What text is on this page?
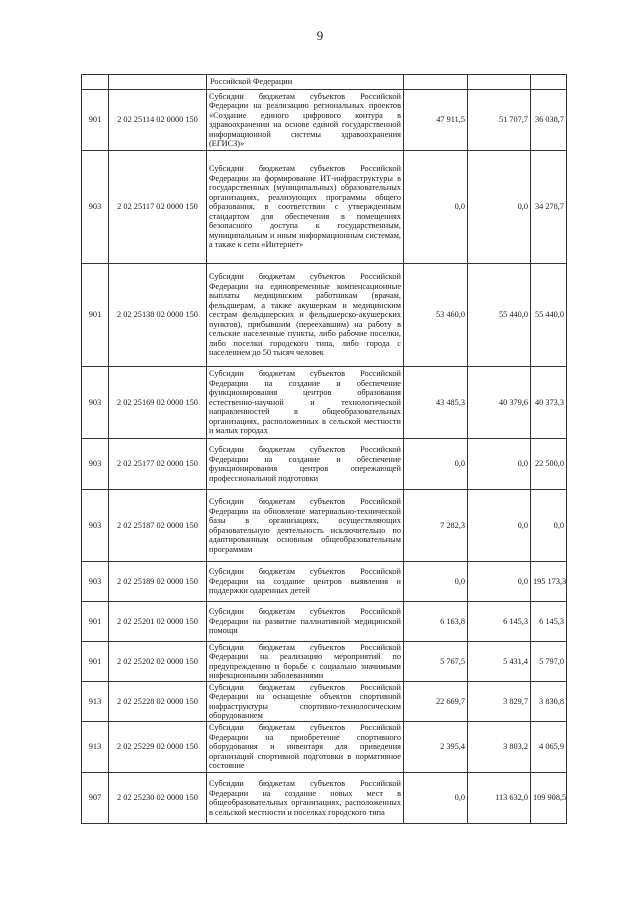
9
		Российской Федерации			
901	2 02 25114 02 0000 150	Субсидии бюджетам субъектов Российской Федерации на реализацию региональных проектов «Создание единого цифрового контура в здравоохранении на основе единой государственной информационной системы здравоохранения (ЕГИСЗ)»	47 911,5	51 707,7	36 038,7
903	2 02 25117 02 0000 150	Субсидии бюджетам субъектов Российской Федерации на формирование ИТ-инфраструктуры в государственных (муниципальных) образовательных организациях, реализующих программы общего образования, в соответствии с утвержденным стандартом для обеспечения в помещениях безопасного доступа к государственным, муниципальным и иным информационным системам, а также к сети «Интернет»	0,0	0,0	34 278,7
901	2 02 25138 02 0000 150	Субсидии бюджетам субъектов Российской Федерации на единовременные компенсационные выплаты медицинским работникам (врачам, фельдшерам, а также акушеркам и медицинским сестрам фельдшерских и фельдшерско-акушерских пунктов), прибывшим (переехавшим) на работу в сельские населенные пункты, либо рабочие поселки, либо поселки городского типа, либо города с населением до 50 тысяч человек	53 460,0	55 440,0	55 440,0
903	2 02 25169 02 0000 150	Субсидии бюджетам субъектов Российской Федерации на создание и обеспечение функционирования центров образования естественно-научной и технологической направленностей в общеобразовательных организациях, расположенных в сельской местности и малых городах	43 485,3	40 379,6	40 373,3
903	2 02 25177 02 0000 150	Субсидии бюджетам субъектов Российской Федерации на создание и обеспечение функционирования центров опережающей профессиональной подготовки	0,0	0,0	22 500,0
903	2 02 25187 02 0000 150	Субсидии бюджетам субъектов Российской Федерации на обновление материально-технической базы в организациях, осуществляющих образовательную деятельность исключительно по адаптированным основным общеобразовательным программам	7 282,3	0,0	0,0
903	2 02 25189 02 0000 150	Субсидии бюджетам субъектов Российской Федерации на создание центров выявления и поддержки одаренных детей	0,0	0,0	195 173,3
901	2 02 25201 02 0000 150	Субсидии бюджетам субъектов Российской Федерации на развитие паллиативной медицинской помощи	6 163,8	6 145,3	6 145,3
901	2 02 25202 02 0000 150	Субсидии бюджетам субъектов Российской Федерации на реализацию мероприятий по предупреждению и борьбе с социально значимыми инфекционными заболеваниями	5 767,5	5 431,4	5 797,0
913	2 02 25228 02 0000 150	Субсидии бюджетам субъектов Российской Федерации на оснащение объектов спортивной инфраструктуры спортивно-технологическим оборудованием	22 669,7	3 829,7	3 830,8
913	2 02 25229 02 0000 150	Субсидии бюджетам субъектов Российской Федерации на приобретение спортивного оборудования и инвентаря для приведения организаций спортивной подготовки в нормативное состояние	2 395,4	3 803,2	4 065,9
907	2 02 25230 02 0000 150	Субсидии бюджетам субъектов Российской Федерации на создание новых мест в общеобразовательных организациях, расположенных в сельской местности и поселках городского типа	0,0	113 632,0	109 908,5
